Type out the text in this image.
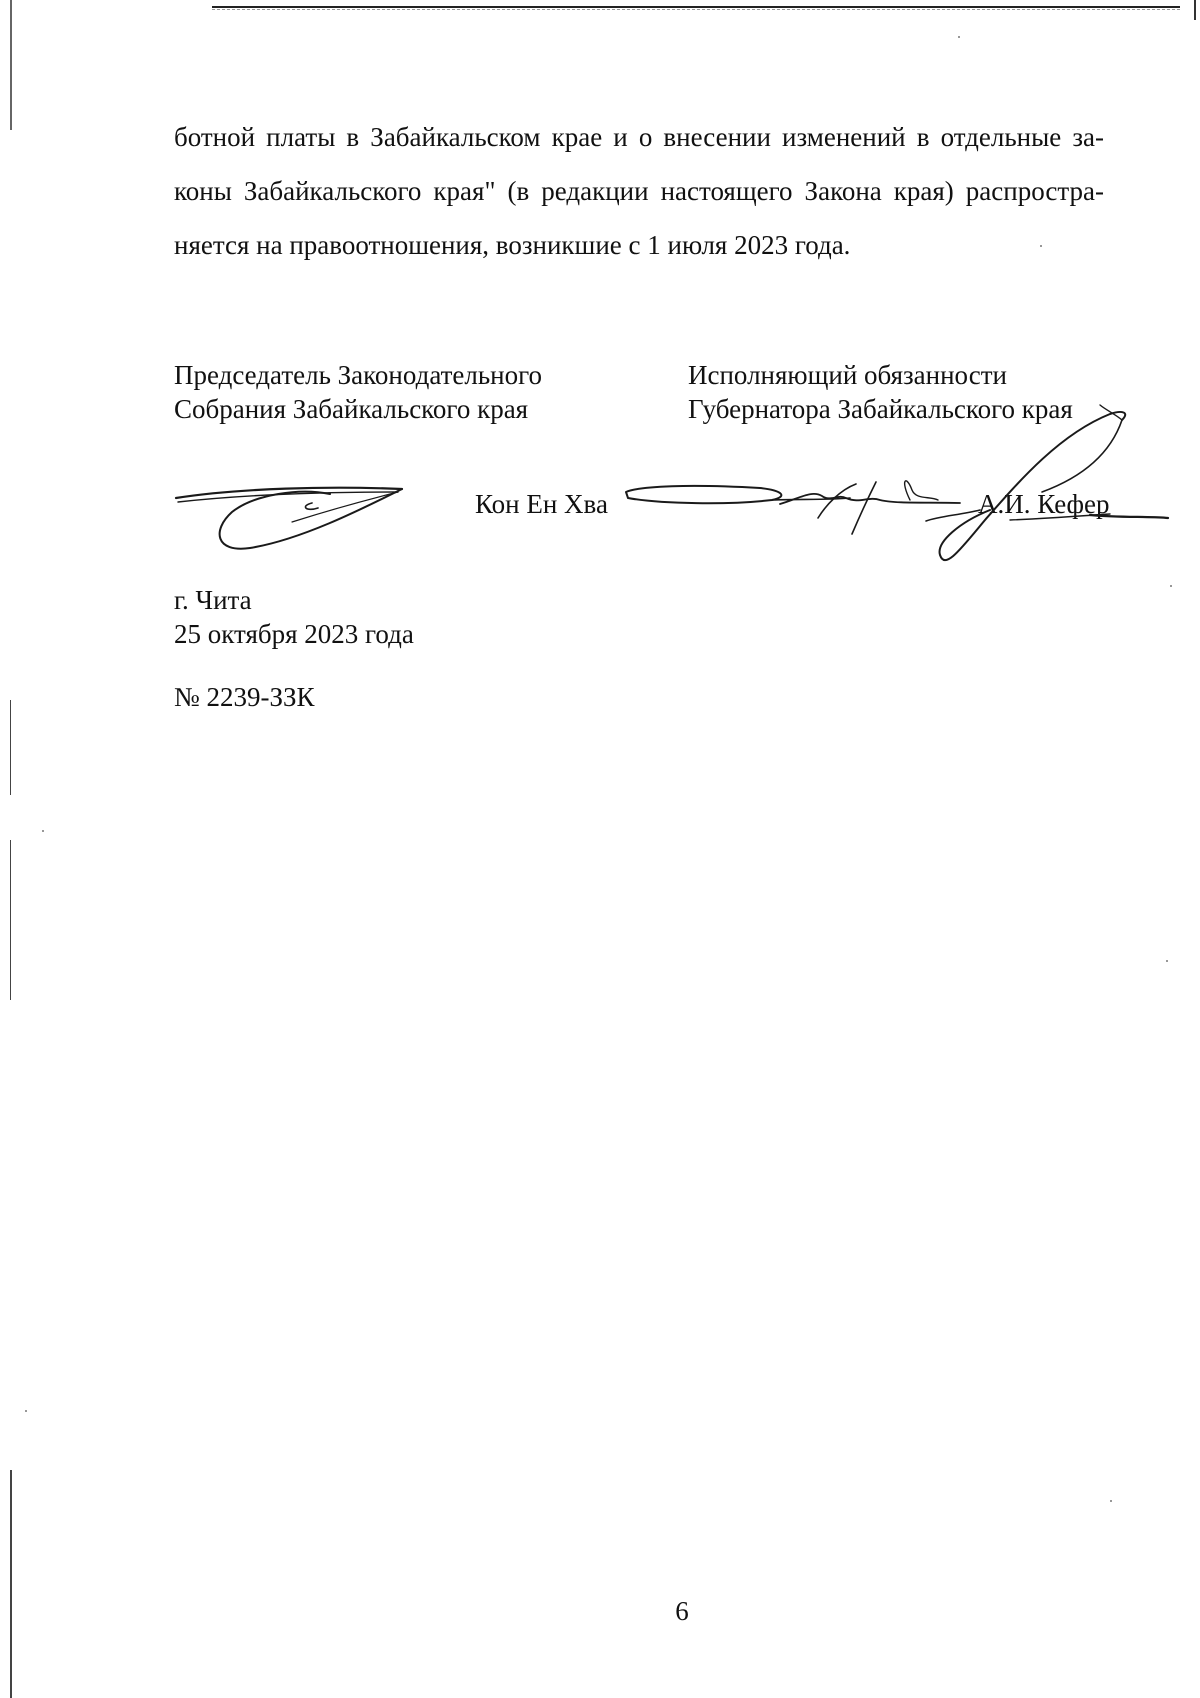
ботной платы в Забайкальском крае и о внесении изменений в отдельные за-
коны Забайкальского края" (в редакции настоящего Закона края) распростра-
няется на правоотношения, возникшие с 1 июля 2023 года.

Председатель Законодательного
Собрания Забайкальского края
Исполняющий обязанности
Губернатора Забайкальского края
Кон Ен Хва	А.И. Кефер
г. Чита
25 октября 2023 года
№ 2239-ЗЗК
6
